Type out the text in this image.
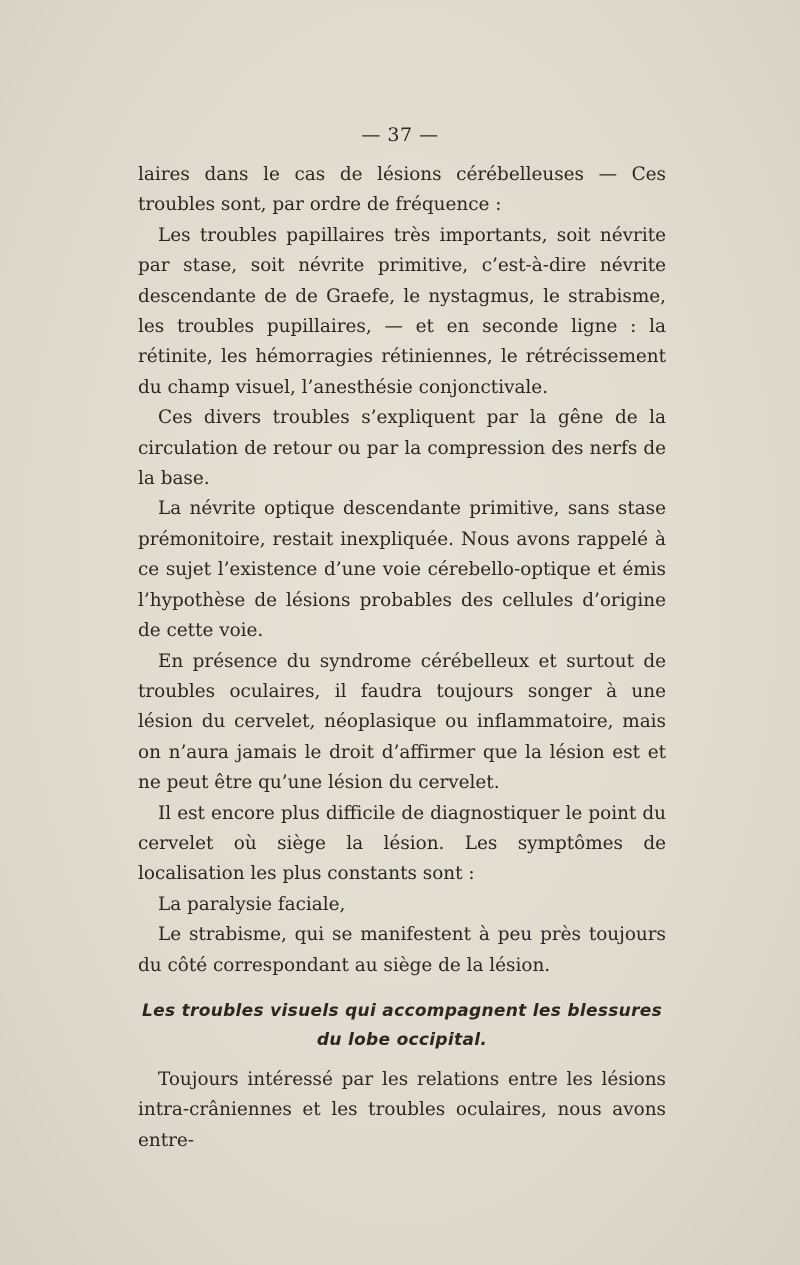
— 37 —

laires dans le cas de lésions cérébelleuses — Ces troubles sont, par ordre de fréquence :

Les troubles papillaires très importants, soit névrite par stase, soit névrite primitive, c’est-à-dire névrite descendante de de Graefe, le nystagmus, le strabisme, les troubles pupillaires, — et en seconde ligne : la rétinite, les hémorragies rétiniennes, le rétrécissement du champ visuel, l’anesthésie conjonctivale.

Ces divers troubles s’expliquent par la gêne de la circulation de retour ou par la compression des nerfs de la base.

La névrite optique descendante primitive, sans stase prémonitoire, restait inexpliquée. Nous avons rappelé à ce sujet l’existence d’une voie cérebello-optique et émis l’hypothèse de lésions probables des cellules d’origine de cette voie.

En présence du syndrome cérébelleux et surtout de troubles oculaires, il faudra toujours songer à une lésion du cervelet, néoplasique ou inflammatoire, mais on n’aura jamais le droit d’affirmer que la lésion est et ne peut être qu’une lésion du cervelet.

Il est encore plus difficile de diagnostiquer le point du cervelet où siège la lésion. Les symptômes de localisation les plus constants sont :

La paralysie faciale,

Le strabisme, qui se manifestent à peu près toujours du côté correspondant au siège de la lésion.

Les troubles visuels qui accompagnent les blessures
du lobe occipital.

Toujours intéressé par les relations entre les lésions intra-crâniennes et les troubles oculaires, nous avons entre-
